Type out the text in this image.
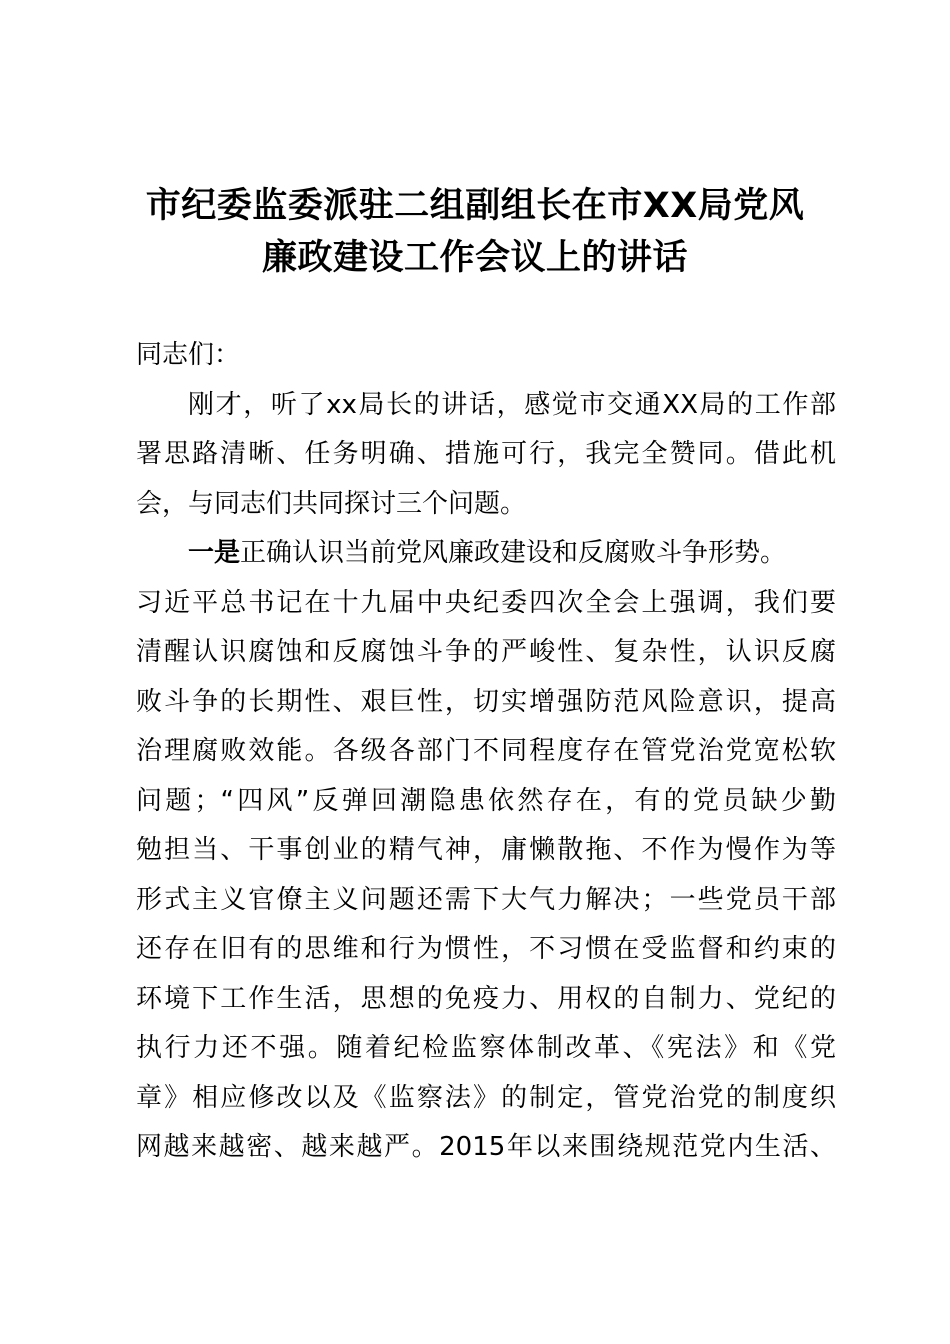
市纪委监委派驻二组副组长在市XX局党风
廉政建设工作会议上的讲话
同志们：
刚才，听了xx局长的讲话，感觉市交通XX局的工作部
署思路清晰、任务明确、措施可行，我完全赞同。借此机
会，与同志们共同探讨三个问题。
一是正确认识当前党风廉政建设和反腐败斗争形势。
习近平总书记在十九届中央纪委四次全会上强调，我们要
清醒认识腐蚀和反腐蚀斗争的严峻性、复杂性，认识反腐
败斗争的长期性、艰巨性，切实增强防范风险意识，提高
治理腐败效能。各级各部门不同程度存在管党治党宽松软
问题；“四风”反弹回潮隐患依然存在，有的党员缺少勤
勉担当、干事创业的精气神，庸懒散拖、不作为慢作为等
形式主义官僚主义问题还需下大气力解决；一些党员干部
还存在旧有的思维和行为惯性，不习惯在受监督和约束的
环境下工作生活，思想的免疫力、用权的自制力、党纪的
执行力还不强。随着纪检监察体制改革、《宪法》和《党
章》相应修改以及《监察法》的制定，管党治党的制度织
网越来越密、越来越严。2015年以来围绕规范党内生活、
